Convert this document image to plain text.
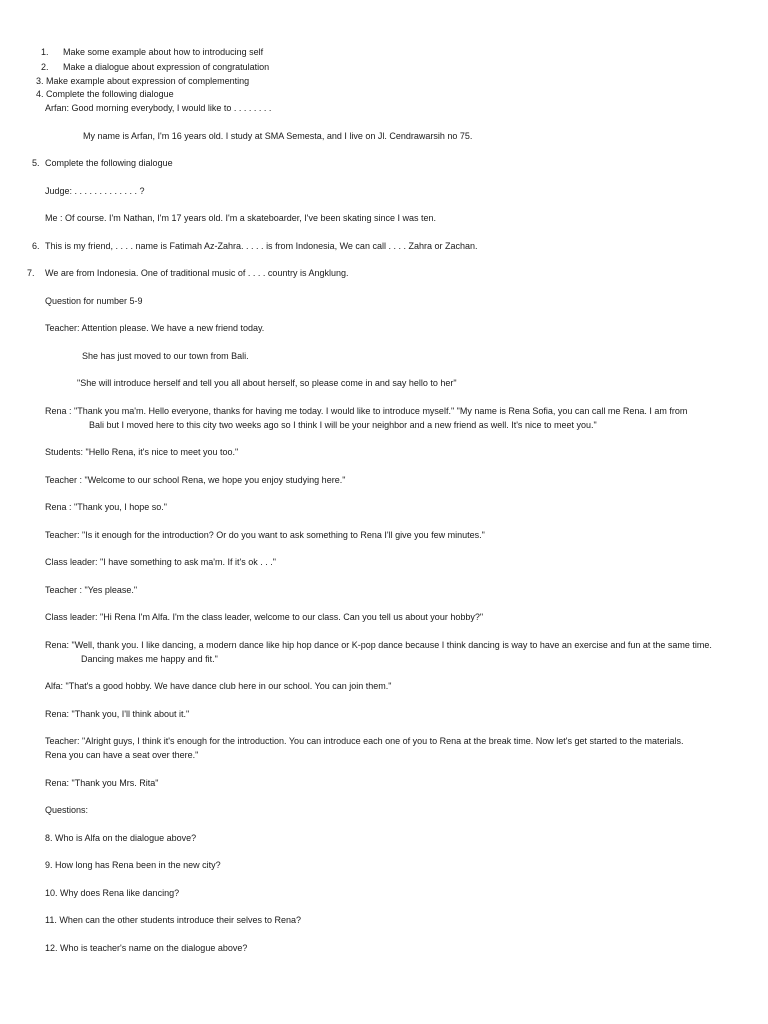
1. Make some example about how to introducing self
2. Make a dialogue about expression of congratulation
3. Make example about expression of complementing
4. Complete the following dialogue
Arfan: Good morning everybody, I would like to . . . . . . . .
My name is Arfan, I'm 16 years old. I study at SMA Semesta, and I live on Jl. Cendrawarsih no 75.
5. Complete the following dialogue
Judge: . . . . . . . . . . . . . ?
Me : Of course. I'm Nathan, I'm 17 years old. I'm a skateboarder, I've been skating since I was ten.
6. This is my friend, . . . . name is Fatimah Az-Zahra. . . . . is from Indonesia, We can call . . . . Zahra or Zachan.
7. We are from Indonesia. One of traditional music of . . . . country is Angklung.
Question for number 5-9
Teacher: Attention please. We have a new friend today.
She has just moved to our town from Bali.
"She will introduce herself and tell you all about herself, so please come in and say hello to her"
Rena : "Thank you ma'm. Hello everyone, thanks for having me today. I would like to introduce myself." "My name is Rena Sofia, you can call me Rena. I am from
Bali but I moved here to this city two weeks ago so I think I will be your neighbor and a new friend as well. It's nice to meet you."
Students: "Hello Rena, it's nice to meet you too."
Teacher : "Welcome to our school Rena, we hope you enjoy studying here."
Rena : "Thank you, I hope so."
Teacher: "Is it enough for the introduction? Or do you want to ask something to Rena I'll give you few minutes."
Class leader: "I have something to ask ma'm. If it's ok . . ."
Teacher : "Yes please."
Class leader: "Hi Rena I'm Alfa. I'm the class leader, welcome to our class. Can you tell us about your hobby?"
Rena: "Well, thank you. I like dancing, a modern dance like hip hop dance or K-pop dance because I think dancing is way to have an exercise and fun at the same time.
Dancing makes me happy and fit."
Alfa: "That's a good hobby. We have dance club here in our school. You can join them."
Rena: "Thank you, I'll think about it."
Teacher: "Alright guys, I think it's enough for the introduction. You can introduce each one of you to Rena at the break time. Now let's get started to the materials.
Rena you can have a seat over there."
Rena: "Thank you Mrs. Rita"
Questions:
8. Who is Alfa on the dialogue above?
9. How long has Rena been in the new city?
10. Why does Rena like dancing?
11. When can the other students introduce their selves to Rena?
12. Who is teacher's name on the dialogue above?
